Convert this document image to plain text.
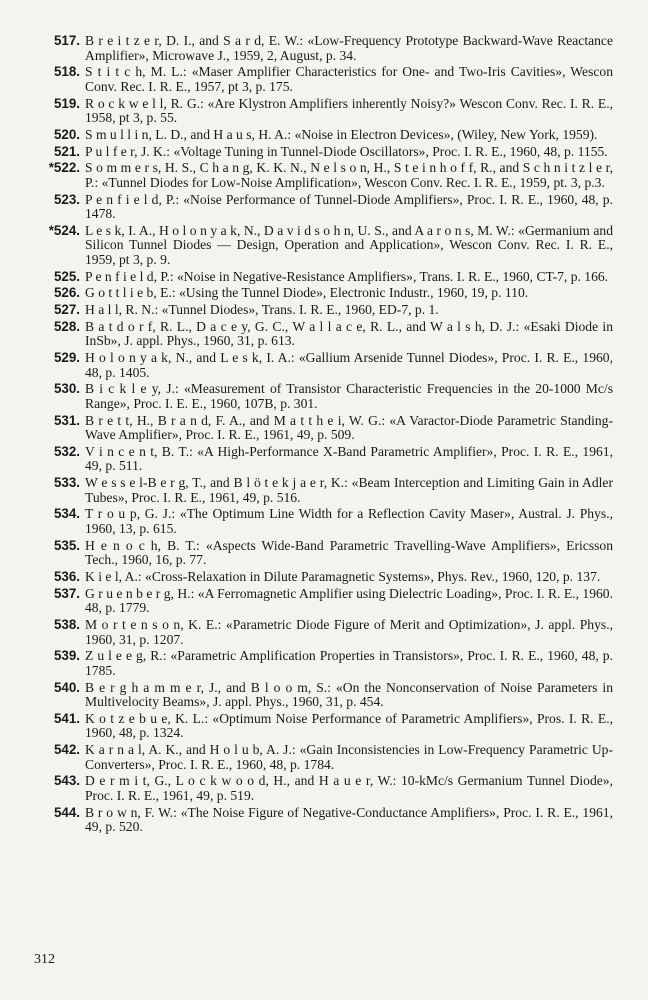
517. B r e i t z e r, D. I., and S a r d, E. W.: «Low-Frequency Prototype Backward-Wave Reactance Amplifier», Microwave J., 1959, 2, August, p. 34.
518. S t i t c h, M. L.: «Maser Amplifier Characteristics for One- and Two-Iris Cavities», Wescon Conv. Rec. I. R. E., 1957, pt 3, p. 175.
519. R o c k w e l l, R. G.: «Are Klystron Amplifiers inherently Noisy?» Wescon Conv. Rec. I. R. E., 1958, pt 3, p. 55.
520. S m u l l i n, L. D., and H a u s, H. A.: «Noise in Electron Devices», (Wiley, New York, 1959).
521. P u l f e r, J. K.: «Voltage Tuning in Tunnel-Diode Oscillators», Proc. I. R. E., 1960, 48, p. 1155.
*522. S o m m e r s, H. S., C h a n g, K. K. N., N e l s o n, H., S t e i n h o f f, R., and S c h n i t z l e r, P.: «Tunnel Diodes for Low-Noise Amplification», Wescon Conv. Rec. I. R. E., 1959, pt. 3, p.3.
523. P e n f i e l d, P.: «Noise Performance of Tunnel-Diode Amplifiers», Proc. I. R. E., 1960, 48, p. 1478.
*524. L e s k, I. A., H o l o n y a k, N., D a v i d s o h n, U. S., and A a r o n s, M. W.: «Germanium and Silicon Tunnel Diodes — Design, Operation and Application», Wescon Conv. Rec. I. R. E., 1959, pt 3, p. 9.
525. P e n f i e l d, P.: «Noise in Negative-Resistance Amplifiers», Trans. I. R. E., 1960, CT-7, p. 166.
526. G o t t l i e b, E.: «Using the Tunnel Diode», Electronic Industr., 1960, 19, p. 110.
527. H a l l, R. N.: «Tunnel Diodes», Trans. I. R. E., 1960, ED-7, p. 1.
528. B a t d o r f, R. L., D a c e y, G. C., W a l l a c e, R. L., and W a l s h, D. J.: «Esaki Diode in InSb», J. appl. Phys., 1960, 31, p. 613.
529. H o l o n y a k, N., and L e s k, I. A.: «Gallium Arsenide Tunnel Diodes», Proc. I. R. E., 1960, 48, p. 1405.
530. B i c k l e y, J.: «Measurement of Transistor Characteristic Frequencies in the 20-1000 Mc/s Range», Proc. I. E. E., 1960, 107B, p. 301.
531. B r e t t, H., B r a n d, F. A., and M a t t h e i, W. G.: «A Varactor-Diode Parametric Standing-Wave Amplifier», Proc. I. R. E., 1961, 49, p. 509.
532. V i n c e n t, B. T.: «A High-Performance X-Band Parametric Amplifier», Proc. I. R. E., 1961, 49, p. 511.
533. W e s s e l-B e r g, T., and B l ö t e k j a e r, K.: «Beam Interception and Limiting Gain in Adler Tubes», Proc. I. R. E., 1961, 49, p. 516.
534. T r o u p, G. J.: «The Optimum Line Width for a Reflection Cavity Maser», Austral. J. Phys., 1960, 13, p. 615.
535. H e n o c h, B. T.: «Aspects Wide-Band Parametric Travelling-Wave Amplifiers», Ericsson Tech., 1960, 16, p. 77.
536. K i e l, A.: «Cross-Relaxation in Dilute Paramagnetic Systems», Phys. Rev., 1960, 120, p. 137.
537. G r u e n b e r g, H.: «A Ferromagnetic Amplifier using Dielectric Loading», Proc. I. R. E., 1960. 48, p. 1779.
538. M o r t e n s o n, K. E.: «Parametric Diode Figure of Merit and Optimization», J. appl. Phys., 1960, 31, p. 1207.
539. Z u l e e g, R.: «Parametric Amplification Properties in Transistors», Proc. I. R. E., 1960, 48, p. 1785.
540. B e r g h a m m e r, J., and B l o o m, S.: «On the Nonconservation of Noise Parameters in Multivelocity Beams», J. appl. Phys., 1960, 31, p. 454.
541. K o t z e b u e, K. L.: «Optimum Noise Performance of Parametric Amplifiers», Pros. I. R. E., 1960, 48, p. 1324.
542. K a r n a l, A. K., and H o l u b, A. J.: «Gain Inconsistencies in Low-Frequency Parametric Up-Converters», Proc. I. R. E., 1960, 48, p. 1784.
543. D e r m i t, G., L o c k w o o d, H., and H a u e r, W.: 10-kMc/s Germanium Tunnel Diode», Proc. I. R. E., 1961, 49, p. 519.
544. B r o w n, F. W.: «The Noise Figure of Negative-Conductance Amplifiers», Proc. I. R. E., 1961, 49, p. 520.
312
